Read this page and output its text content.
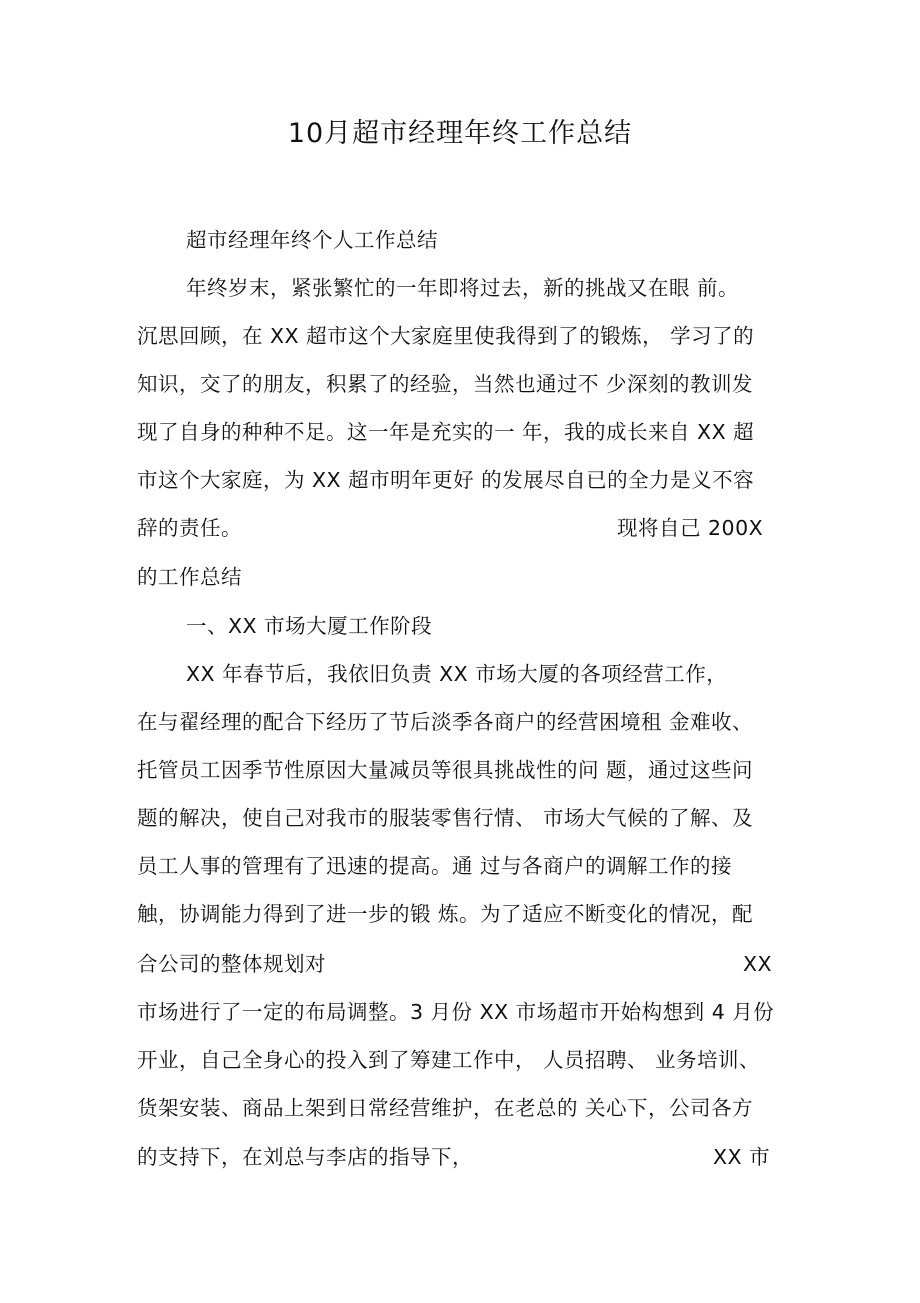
10月超市经理年终工作总结
超市经理年终个人工作总结
年终岁末，紧张繁忙的一年即将过去，新的挑战又在眼 前。
沉思回顾，在 XX 超市这个大家庭里使我得到了的锻炼， 学习了的
知识，交了的朋友，积累了的经验，当然也通过不 少深刻的教训发
现了自身的种种不足。这一年是充实的一 年，我的成长来自 XX 超
市这个大家庭，为 XX 超市明年更好 的发展尽自已的全力是义不容
辞的责任。	现将自己 200X
的工作总结
一、XX 市场大厦工作阶段
XX 年春节后，我依旧负责 XX 市场大厦的各项经营工作，
在与翟经理的配合下经历了节后淡季各商户的经营困境租 金难收、
托管员工因季节性原因大量减员等很具挑战性的问 题，通过这些问
题的解决，使自己对我市的服装零售行情、 市场大气候的了解、及
员工人事的管理有了迅速的提高。通 过与各商户的调解工作的接
触，协调能力得到了进一步的锻 炼。为了适应不断变化的情况，配
合公司的整体规划对	XX
市场进行了一定的布局调整。3 月份 XX 市场超市开始构想到 4 月份
开业，自己全身心的投入到了筹建工作中， 人员招聘、 业务培训、
货架安装、商品上架到日常经营维护，在老总的 关心下，公司各方
的支持下，在刘总与李店的指导下，	XX 市
